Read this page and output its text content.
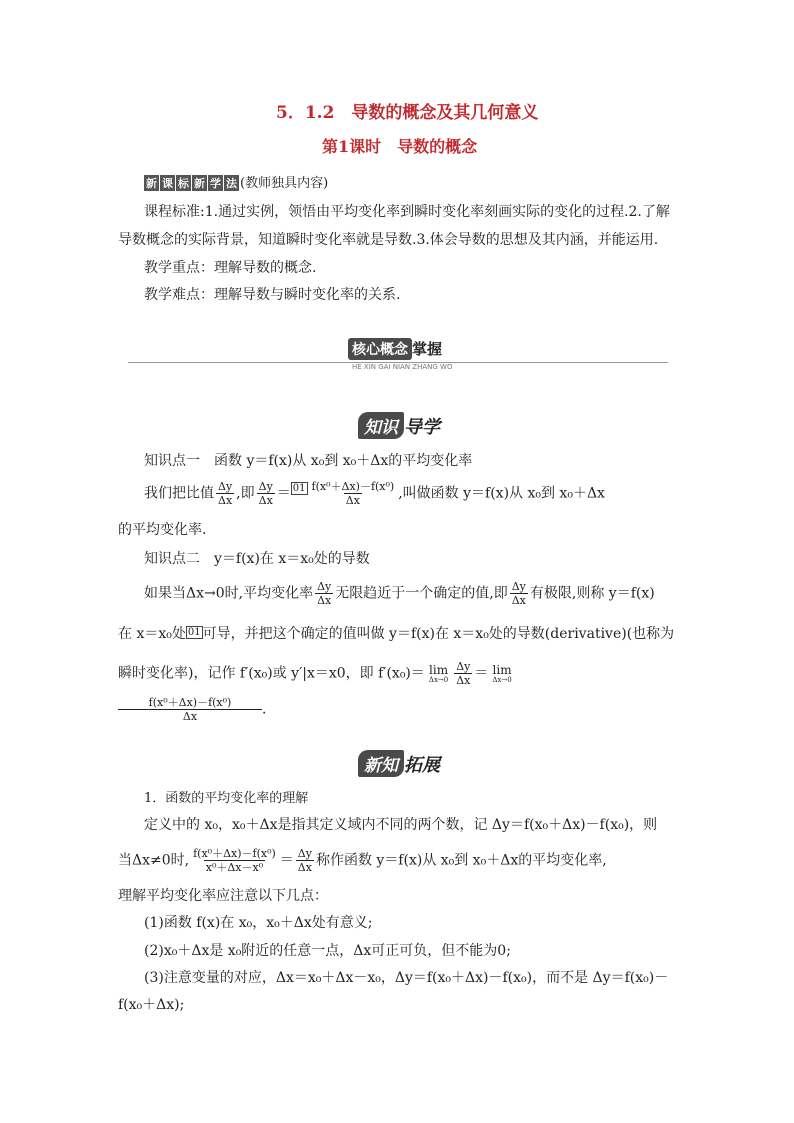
5．1.2　导数的概念及其几何意义
第1课时　导数的概念
新 课 标 新 学 法 (教师独具内容)
课程标准:1.通过实例，领悟由平均变化率到瞬时变化率刻画实际的变化的过程.2.了解
导数概念的实际背景，知道瞬时变化率就是导数.3.体会导数的思想及其内涵，并能运用.
教学重点：理解导数的概念.
教学难点：理解导数与瞬时变化率的关系.
核心概念 掌握
HE XIN GAI NIAN ZHANG WO
知识 导学
知识点一　函数 y＝f(x)从 x₀到 x₀＋Δx的平均变化率
我们把比值 $\frac{\Delta y}{\Delta x}$ ,即 $\frac{\Delta y}{\Delta x} = 01 \frac{\text{f(x⁰＋Δx)－f(x⁰)}}{\Delta x}$ ,叫做函数 y＝f(x)从 x₀到 x₀＋Δx
的平均变化率.
知识点二　y＝f(x)在 x＝x₀处的导数
如果当Δx→0时,平均变化率 $\frac{\Delta y}{\Delta x}$ 无限趋近于一个确定的值,即 $\frac{\Delta y}{\Delta x}$ 有极限,则称 y＝f(x)
在 x＝x₀处 01 可导，并把这个确定的值叫做 y＝f(x)在 x＝x₀处的导数(derivative)(也称为
瞬时变化率)，记作 f′(x₀)或 y′|x＝x0，即 f′(x₀)＝ lim
$\Delta x\to 0 \frac{\Delta y}{\Delta x} = \lim$
Δx→0
$\frac{\text{f(x⁰＋Δx)－f(x⁰)}}{\Delta x}$ .
新知 拓展
1．函数的平均变化率的理解
定义中的 x₀，x₀＋Δx是指其定义域内不同的两个数，记 Δy＝f(x₀＋Δx)－f(x₀)，则
当Δx≠0时, $\frac{\text{f(x⁰＋Δx)－f(x⁰)}}{\text{x⁰＋Δx－x⁰}} = \frac{\Delta y}{\Delta x}$ 称作函数 y＝f(x)从 x₀到 x₀＋Δx的平均变化率,
理解平均变化率应注意以下几点：
(1)函数 f(x)在 x₀，x₀＋Δx处有意义;
(2)x₀＋Δx是 x₀附近的任意一点，Δx可正可负，但不能为0;
(3)注意变量的对应，Δx＝x₀＋Δx－x₀，Δy＝f(x₀＋Δx)－f(x₀)，而不是 Δy＝f(x₀)－
f(x₀＋Δx);
